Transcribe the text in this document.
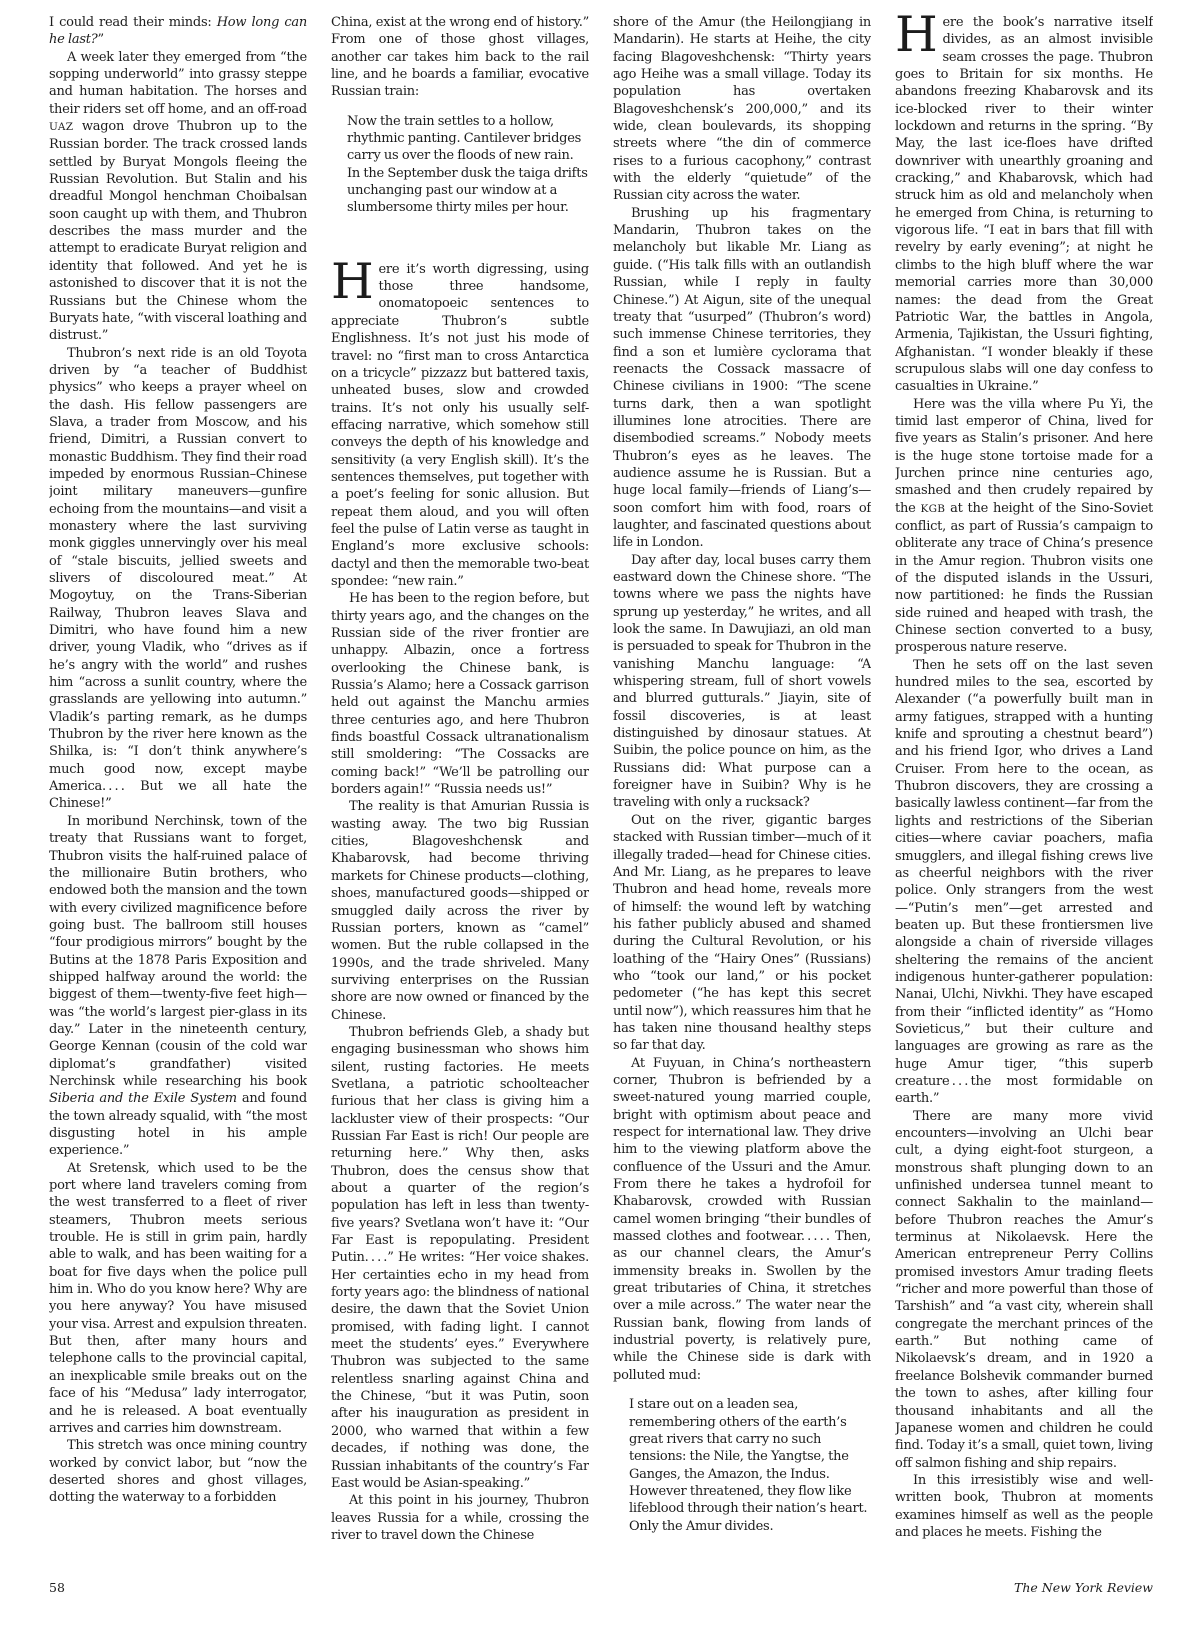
I could read their minds: How long can he last?”

A week later they emerged from “the sopping underworld” into grassy steppe and human habitation. The horses and their riders set off home, and an off-road UAZ wagon drove Thubron up to the Russian border. The track crossed lands settled by Buryat Mongols fleeing the Russian Revolution. But Stalin and his dreadful Mongol henchman Choibalsan soon caught up with them, and Thubron describes the mass murder and the attempt to eradicate Buryat religion and identity that followed. And yet he is astonished to discover that it is not the Russians but the Chinese whom the Buryats hate, “with visceral loathing and distrust.”

Thubron’s next ride is an old Toyota driven by “a teacher of Buddhist physics” who keeps a prayer wheel on the dash. His fellow passengers are Slava, a trader from Moscow, and his friend, Dimitri, a Russian convert to monastic Buddhism. They find their road impeded by enormous Russian–Chinese joint military maneuvers—gunfire echoing from the mountains—and visit a monastery where the last surviving monk giggles unnervingly over his meal of “stale biscuits, jellied sweets and slivers of discoloured meat.” At Mogoytuy, on the Trans-Siberian Railway, Thubron leaves Slava and Dimitri, who have found him a new driver, young Vladik, who “drives as if he’s angry with the world” and rushes him “across a sunlit country, where the grasslands are yellowing into autumn.” Vladik’s parting remark, as he dumps Thubron by the river here known as the Shilka, is: “I don’t think anywhere’s much good now, except maybe America. . . . But we all hate the Chinese!”

In moribund Nerchinsk, town of the treaty that Russians want to forget, Thubron visits the half-ruined palace of the millionaire Butin brothers, who endowed both the mansion and the town with every civilized magnificence before going bust. The ballroom still houses “four prodigious mirrors” bought by the Butins at the 1878 Paris Exposition and shipped halfway around the world: the biggest of them—twenty-five feet high—was “the world’s largest pier-glass in its day.” Later in the nineteenth century, George Kennan (cousin of the cold war diplomat’s grandfather) visited Nerchinsk while researching his book Siberia and the Exile System and found the town already squalid, with “the most disgusting hotel in his ample experience.”

At Sretensk, which used to be the port where land travelers coming from the west transferred to a fleet of river steamers, Thubron meets serious trouble. He is still in grim pain, hardly able to walk, and has been waiting for a boat for five days when the police pull him in. Who do you know here? Why are you here anyway? You have misused your visa. Arrest and expulsion threaten. But then, after many hours and telephone calls to the provincial capital, an inexplicable smile breaks out on the face of his “Medusa” lady interrogator, and he is released. A boat eventually arrives and carries him downstream.

This stretch was once mining country worked by convict labor, but “now the deserted shores and ghost villages, dotting the waterway to a forbidden

China, exist at the wrong end of history.” From one of those ghost villages, another car takes him back to the rail line, and he boards a familiar, evocative Russian train:

Now the train settles to a hollow, rhythmic panting. Cantilever bridges carry us over the floods of new rain. In the September dusk the taiga drifts unchanging past our window at a slumbersome thirty miles per hour.

Here it’s worth digressing, using those three handsome, onomatopoeic sentences to appreciate Thubron’s subtle Englishness. It’s not just his mode of travel: no “first man to cross Antarctica on a tricycle” pizzazz but battered taxis, unheated buses, slow and crowded trains. It’s not only his usually self-effacing narrative, which somehow still conveys the depth of his knowledge and sensitivity (a very English skill). It’s the sentences themselves, put together with a poet’s feeling for sonic allusion. But repeat them aloud, and you will often feel the pulse of Latin verse as taught in England’s more exclusive schools: dactyl and then the memorable two-beat spondee: “new rain.”

He has been to the region before, but thirty years ago, and the changes on the Russian side of the river frontier are unhappy. Albazin, once a fortress overlooking the Chinese bank, is Russia’s Alamo; here a Cossack garrison held out against the Manchu armies three centuries ago, and here Thubron finds boastful Cossack ultranationalism still smoldering: “The Cossacks are coming back!” “We’ll be patrolling our borders again!” “Russia needs us!”

The reality is that Amurian Russia is wasting away. The two big Russian cities, Blagoveshchensk and Khabarovsk, had become thriving markets for Chinese products—clothing, shoes, manufactured goods—shipped or smuggled daily across the river by Russian porters, known as “camel” women. But the ruble collapsed in the 1990s, and the trade shriveled. Many surviving enterprises on the Russian shore are now owned or financed by the Chinese.

Thubron befriends Gleb, a shady but engaging businessman who shows him silent, rusting factories. He meets Svetlana, a patriotic schoolteacher furious that her class is giving him a lackluster view of their prospects: “Our Russian Far East is rich! Our people are returning here.” Why then, asks Thubron, does the census show that about a quarter of the region’s population has left in less than twenty-five years? Svetlana won’t have it: “Our Far East is repopulating. President Putin. . . .” He writes: “Her voice shakes. Her certainties echo in my head from forty years ago: the blindness of national desire, the dawn that the Soviet Union promised, with fading light. I cannot meet the students’ eyes.” Everywhere Thubron was subjected to the same relentless snarling against China and the Chinese, “but it was Putin, soon after his inauguration as president in 2000, who warned that within a few decades, if nothing was done, the Russian inhabitants of the country’s Far East would be Asian-speaking.”

At this point in his journey, Thubron leaves Russia for a while, crossing the river to travel down the Chinese

shore of the Amur (the Heilongjiang in Mandarin). He starts at Heihe, the city facing Blagoveshchensk: “Thirty years ago Heihe was a small village. Today its population has overtaken Blagoveshchensk’s 200,000,” and its wide, clean boulevards, its shopping streets where “the din of commerce rises to a furious cacophony,” contrast with the elderly “quietude” of the Russian city across the water.

Brushing up his fragmentary Mandarin, Thubron takes on the melancholy but likable Mr. Liang as guide. (“His talk fills with an outlandish Russian, while I reply in faulty Chinese.”) At Aigun, site of the unequal treaty that “usurped” (Thubron’s word) such immense Chinese territories, they find a son et lumière cyclorama that reenacts the Cossack massacre of Chinese civilians in 1900: “The scene turns dark, then a wan spotlight illumines lone atrocities. There are disembodied screams.” Nobody meets Thubron’s eyes as he leaves. The audience assume he is Russian. But a huge local family—friends of Liang’s—soon comfort him with food, roars of laughter, and fascinated questions about life in London.

Day after day, local buses carry them eastward down the Chinese shore. “The towns where we pass the nights have sprung up yesterday,” he writes, and all look the same. In Dawujiazi, an old man is persuaded to speak for Thubron in the vanishing Manchu language: “A whispering stream, full of short vowels and blurred gutturals.” Jiayin, site of fossil discoveries, is at least distinguished by dinosaur statues. At Suibin, the police pounce on him, as the Russians did: What purpose can a foreigner have in Suibin? Why is he traveling with only a rucksack?

Out on the river, gigantic barges stacked with Russian timber—much of it illegally traded—head for Chinese cities. And Mr. Liang, as he prepares to leave Thubron and head home, reveals more of himself: the wound left by watching his father publicly abused and shamed during the Cultural Revolution, or his loathing of the “Hairy Ones” (Russians) who “took our land,” or his pocket pedometer (“he has kept this secret until now”), which reassures him that he has taken nine thousand healthy steps so far that day.

At Fuyuan, in China’s northeastern corner, Thubron is befriended by a sweet-natured young married couple, bright with optimism about peace and respect for international law. They drive him to the viewing platform above the confluence of the Ussuri and the Amur. From there he takes a hydrofoil for Khabarovsk, crowded with Russian camel women bringing “their bundles of massed clothes and footwear. . . . . Then, as our channel clears, the Amur’s immensity breaks in. Swollen by the great tributaries of China, it stretches over a mile across.” The water near the Russian bank, flowing from lands of industrial poverty, is relatively pure, while the Chinese side is dark with polluted mud:

I stare out on a leaden sea, remembering others of the earth’s great rivers that carry no such tensions: the Nile, the Yangtse, the Ganges, the Amazon, the Indus. However threatened, they flow like lifeblood through their nation’s heart. Only the Amur divides.

Here the book’s narrative itself divides, as an almost invisible seam crosses the page. Thubron goes to Britain for six months. He abandons freezing Khabarovsk and its ice-blocked river to their winter lockdown and returns in the spring. “By May, the last ice-floes have drifted downriver with unearthly groaning and cracking,” and Khabarovsk, which had struck him as old and melancholy when he emerged from China, is returning to vigorous life. “I eat in bars that fill with revelry by early evening”; at night he climbs to the high bluff where the war memorial carries more than 30,000 names: the dead from the Great Patriotic War, the battles in Angola, Armenia, Tajikistan, the Ussuri fighting, Afghanistan. “I wonder bleakly if these scrupulous slabs will one day confess to casualties in Ukraine.”

Here was the villa where Pu Yi, the timid last emperor of China, lived for five years as Stalin’s prisoner. And here is the huge stone tortoise made for a Jurchen prince nine centuries ago, smashed and then crudely repaired by the KGB at the height of the Sino-Soviet conflict, as part of Russia’s campaign to obliterate any trace of China’s presence in the Amur region. Thubron visits one of the disputed islands in the Ussuri, now partitioned: he finds the Russian side ruined and heaped with trash, the Chinese section converted to a busy, prosperous nature reserve.

Then he sets off on the last seven hundred miles to the sea, escorted by Alexander (“a powerfully built man in army fatigues, strapped with a hunting knife and sprouting a chestnut beard”) and his friend Igor, who drives a Land Cruiser. From here to the ocean, as Thubron discovers, they are crossing a basically lawless continent—far from the lights and restrictions of the Siberian cities—where caviar poachers, mafia smugglers, and illegal fishing crews live as cheerful neighbors with the river police. Only strangers from the west—“Putin’s men”—get arrested and beaten up. But these frontiersmen live alongside a chain of riverside villages sheltering the remains of the ancient indigenous hunter-gatherer population: Nanai, Ulchi, Nivkhi. They have escaped from their “inflicted identity” as “Homo Sovieticus,” but their culture and languages are growing as rare as the huge Amur tiger, “this superb creature . . . the most formidable on earth.”

There are many more vivid encounters—involving an Ulchi bear cult, a dying eight-foot sturgeon, a monstrous shaft plunging down to an unfinished undersea tunnel meant to connect Sakhalin to the mainland—before Thubron reaches the Amur’s terminus at Nikolaevsk. Here the American entrepreneur Perry Collins promised investors Amur trading fleets “richer and more powerful than those of Tarshish” and “a vast city, wherein shall congregate the merchant princes of the earth.” But nothing came of Nikolaevsk’s dream, and in 1920 a freelance Bolshevik commander burned the town to ashes, after killing four thousand inhabitants and all the Japanese women and children he could find. Today it’s a small, quiet town, living off salmon fishing and ship repairs.

In this irresistibly wise and well-written book, Thubron at moments examines himself as well as the people and places he meets. Fishing the

58	The New York Review
